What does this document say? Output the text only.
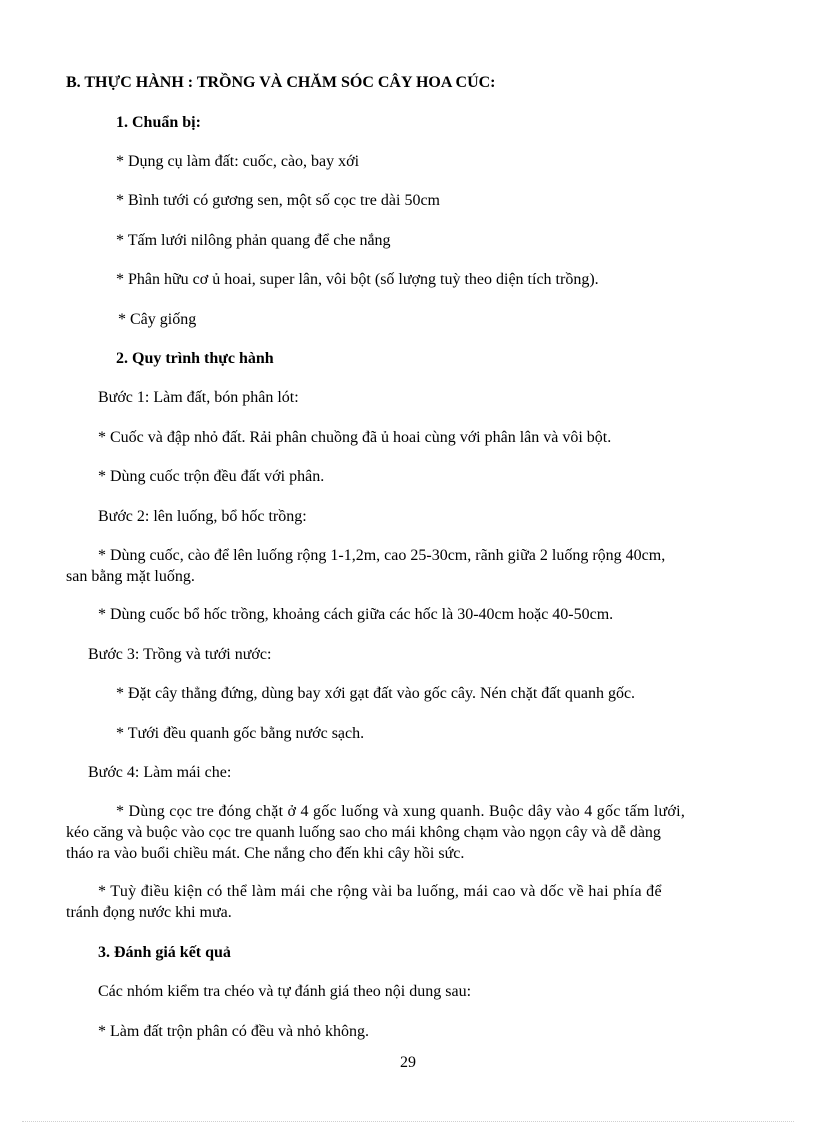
B. THỰC HÀNH : TRỒNG VÀ CHĂM SÓC CÂY HOA CÚC:
1. Chuẩn bị:
* Dụng cụ làm đất: cuốc, cào, bay xới
* Bình tưới có gương sen, một số cọc tre dài 50cm
* Tấm lưới nilông phản quang để che nắng
* Phân hữu cơ ủ hoai, super lân, vôi bột (số lượng tuỳ theo diện tích trồng).
* Cây giống
2. Quy trình thực hành
Bước 1: Làm đất, bón phân lót:
* Cuốc và đập nhỏ đất. Rải phân chuồng đã ủ hoai cùng với phân lân và vôi bột.
* Dùng cuốc trộn đều đất với phân.
Bước 2: lên luống, bổ hốc trồng:
* Dùng cuốc, cào để lên luống rộng 1-1,2m, cao 25-30cm, rãnh giữa 2 luống rộng 40cm,
san bằng mặt luống.
* Dùng cuốc bổ hốc trồng, khoảng cách giữa các hốc là 30-40cm hoặc 40-50cm.
Bước 3: Trồng và tưới nước:
* Đặt cây thẳng đứng, dùng bay xới gạt đất vào gốc cây. Nén chặt đất quanh gốc.
* Tưới đều quanh gốc bằng nước sạch.
Bước 4: Làm mái che:
* Dùng cọc tre đóng chặt ở 4 gốc luống và xung quanh. Buộc dây vào 4 gốc tấm lưới,
kéo căng và buộc vào cọc tre quanh luống sao cho mái không chạm vào ngọn cây và dễ dàng
tháo ra vào buổi chiều mát. Che nắng cho đến khi cây hồi sức.
* Tuỳ điều kiện có thể làm mái che rộng vài ba luống, mái cao và dốc về hai phía để
tránh đọng nước khi mưa.
3. Đánh giá kết quả
Các nhóm kiểm tra chéo và tự đánh giá theo nội dung sau:
* Làm đất trộn phân có đều và nhỏ không.
29
